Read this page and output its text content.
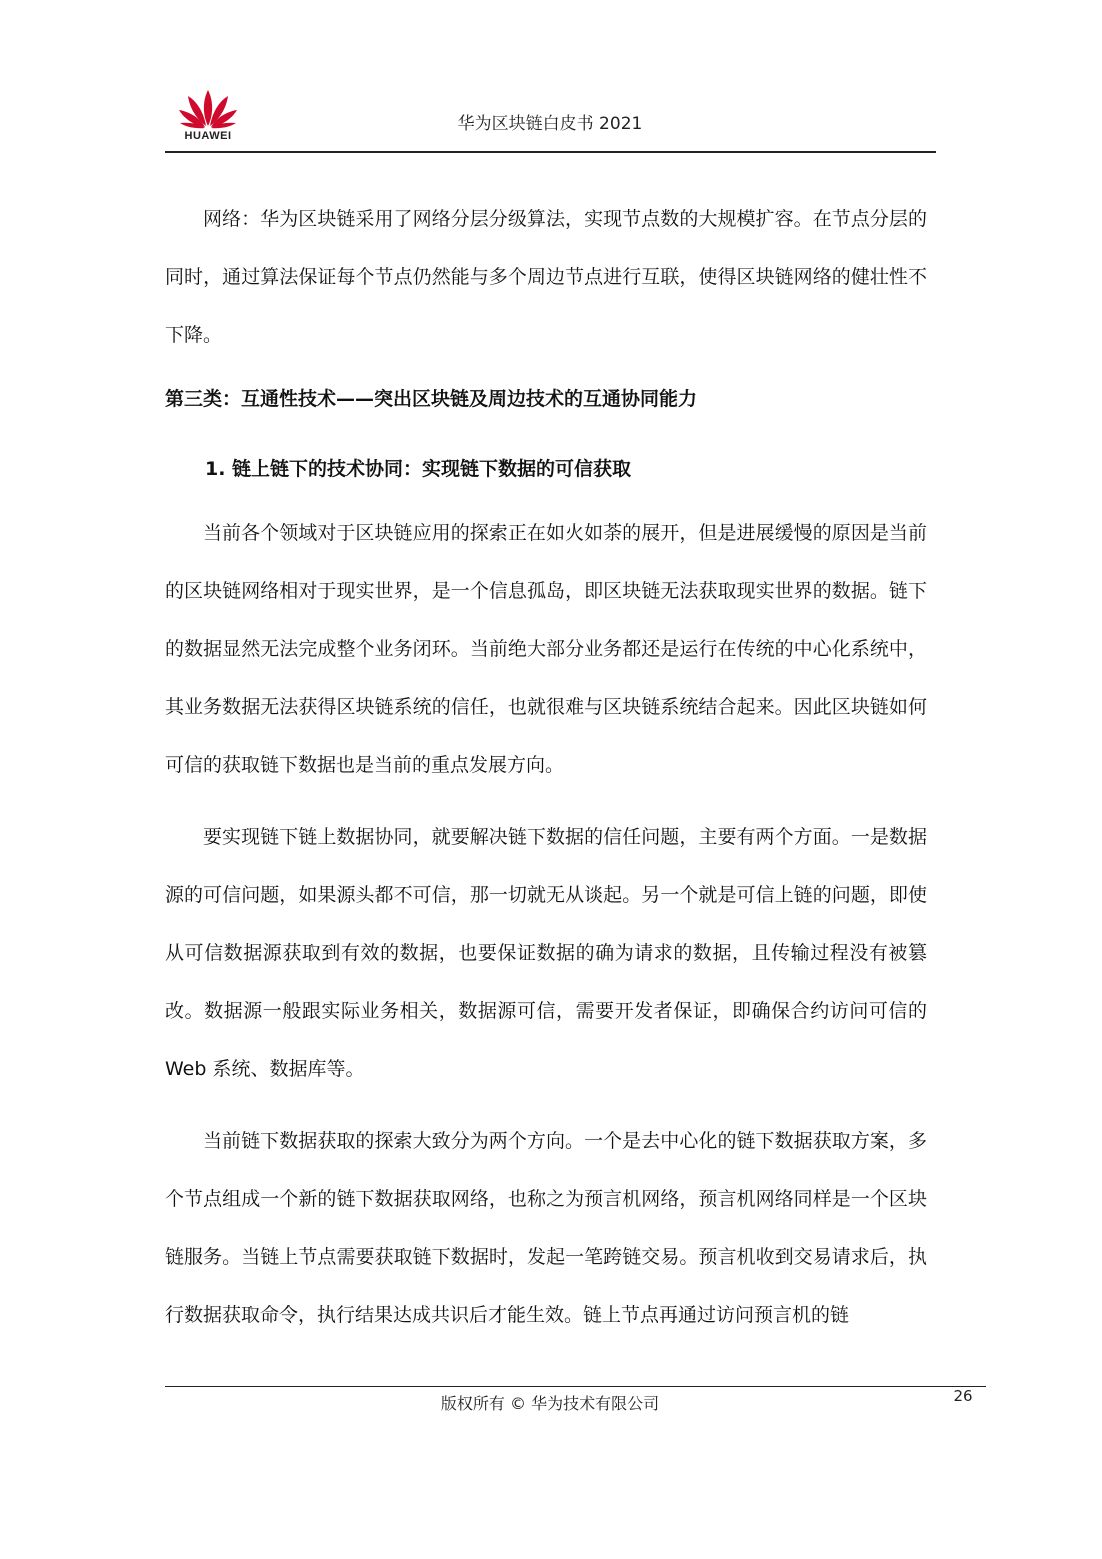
HUAWEI
华为区块链白皮书 2021

网络：华为区块链采用了网络分层分级算法，实现节点数的大规模扩容。在节点分层的同时，通过算法保证每个节点仍然能与多个周边节点进行互联，使得区块链网络的健壮性不下降。

第三类：互通性技术——突出区块链及周边技术的互通协同能力
1. 链上链下的技术协同：实现链下数据的可信获取

当前各个领域对于区块链应用的探索正在如火如荼的展开，但是进展缓慢的原因是当前的区块链网络相对于现实世界，是一个信息孤岛，即区块链无法获取现实世界的数据。链下的数据显然无法完成整个业务闭环。当前绝大部分业务都还是运行在传统的中心化系统中，其业务数据无法获得区块链系统的信任，也就很难与区块链系统结合起来。因此区块链如何可信的获取链下数据也是当前的重点发展方向。

要实现链下链上数据协同，就要解决链下数据的信任问题，主要有两个方面。一是数据源的可信问题，如果源头都不可信，那一切就无从谈起。另一个就是可信上链的问题，即使从可信数据源获取到有效的数据，也要保证数据的确为请求的数据，且传输过程没有被篡改。数据源一般跟实际业务相关，数据源可信，需要开发者保证，即确保合约访问可信的 Web 系统、数据库等。

当前链下数据获取的探索大致分为两个方向。一个是去中心化的链下数据获取方案，多个节点组成一个新的链下数据获取网络，也称之为预言机网络，预言机网络同样是一个区块链服务。当链上节点需要获取链下数据时，发起一笔跨链交易。预言机收到交易请求后，执行数据获取命令，执行结果达成共识后才能生效。链上节点再通过访问预言机的链

版权所有 © 华为技术有限公司	26
